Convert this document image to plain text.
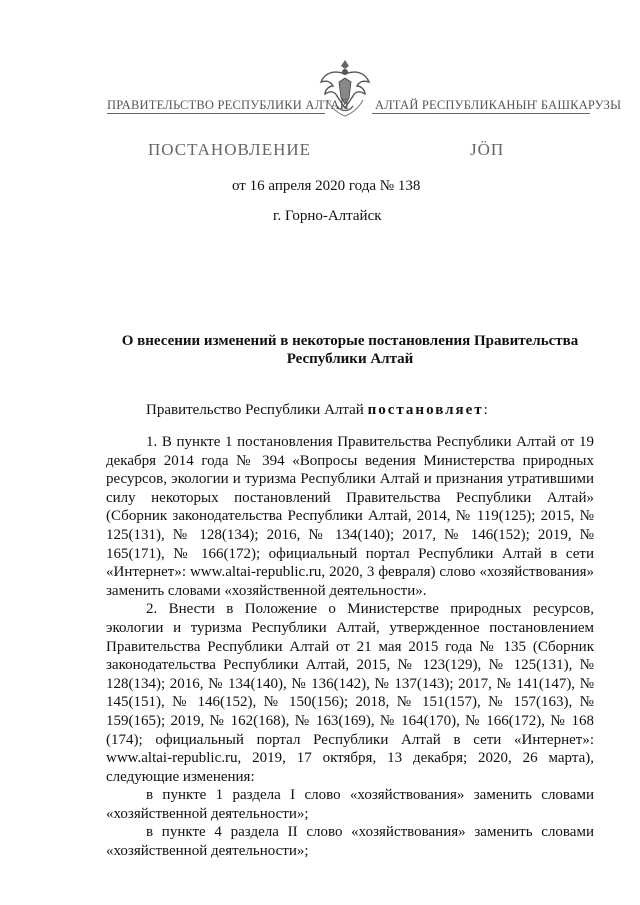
ПРАВИТЕЛЬСТВО РЕСПУБЛИКИ АЛТАЙ АЛТАЙ РЕСПУБЛИКАНЫҤ БАШКАРУЗЫ
ПОСТАНОВЛЕНИЕ	ЈӦП
от 16 апреля 2020 года № 138
г. Горно-Алтайск
О внесении изменений в некоторые постановления Правительства
Республики Алтай
Правительство Республики Алтай постановляет:

1. В пункте 1 постановления Правительства Республики Алтай от 19 декабря 2014 года № 394 «Вопросы ведения Министерства природных ресурсов, экологии и туризма Республики Алтай и признания утратившими силу некоторых постановлений Правительства Республики Алтай» (Сборник законодательства Республики Алтай, 2014, № 119(125); 2015, № 125(131), № 128(134); 2016, № 134(140); 2017, № 146(152); 2019, № 165(171), № 166(172); официальный портал Республики Алтай в сети «Интернет»: www.altai-republic.ru, 2020, 3 февраля) слово «хозяйствования» заменить словами «хозяйственной деятельности».

2. Внести в Положение о Министерстве природных ресурсов, экологии и туризма Республики Алтай, утвержденное постановлением Правительства Республики Алтай от 21 мая 2015 года № 135 (Сборник законодательства Республики Алтай, 2015, № 123(129), № 125(131), № 128(134); 2016, № 134(140), № 136(142), № 137(143); 2017, № 141(147), № 145(151), № 146(152), № 150(156); 2018, № 151(157), № 157(163), № 159(165); 2019, № 162(168), № 163(169), № 164(170), № 166(172), № 168 (174); официальный портал Республики Алтай в сети «Интернет»: www.altai-republic.ru, 2019, 17 октября, 13 декабря; 2020, 26 марта), следующие изменения:

в пункте 1 раздела I слово «хозяйствования» заменить словами «хозяйственной деятельности»;

в пункте 4 раздела II слово «хозяйствования» заменить словами «хозяйственной деятельности»;
